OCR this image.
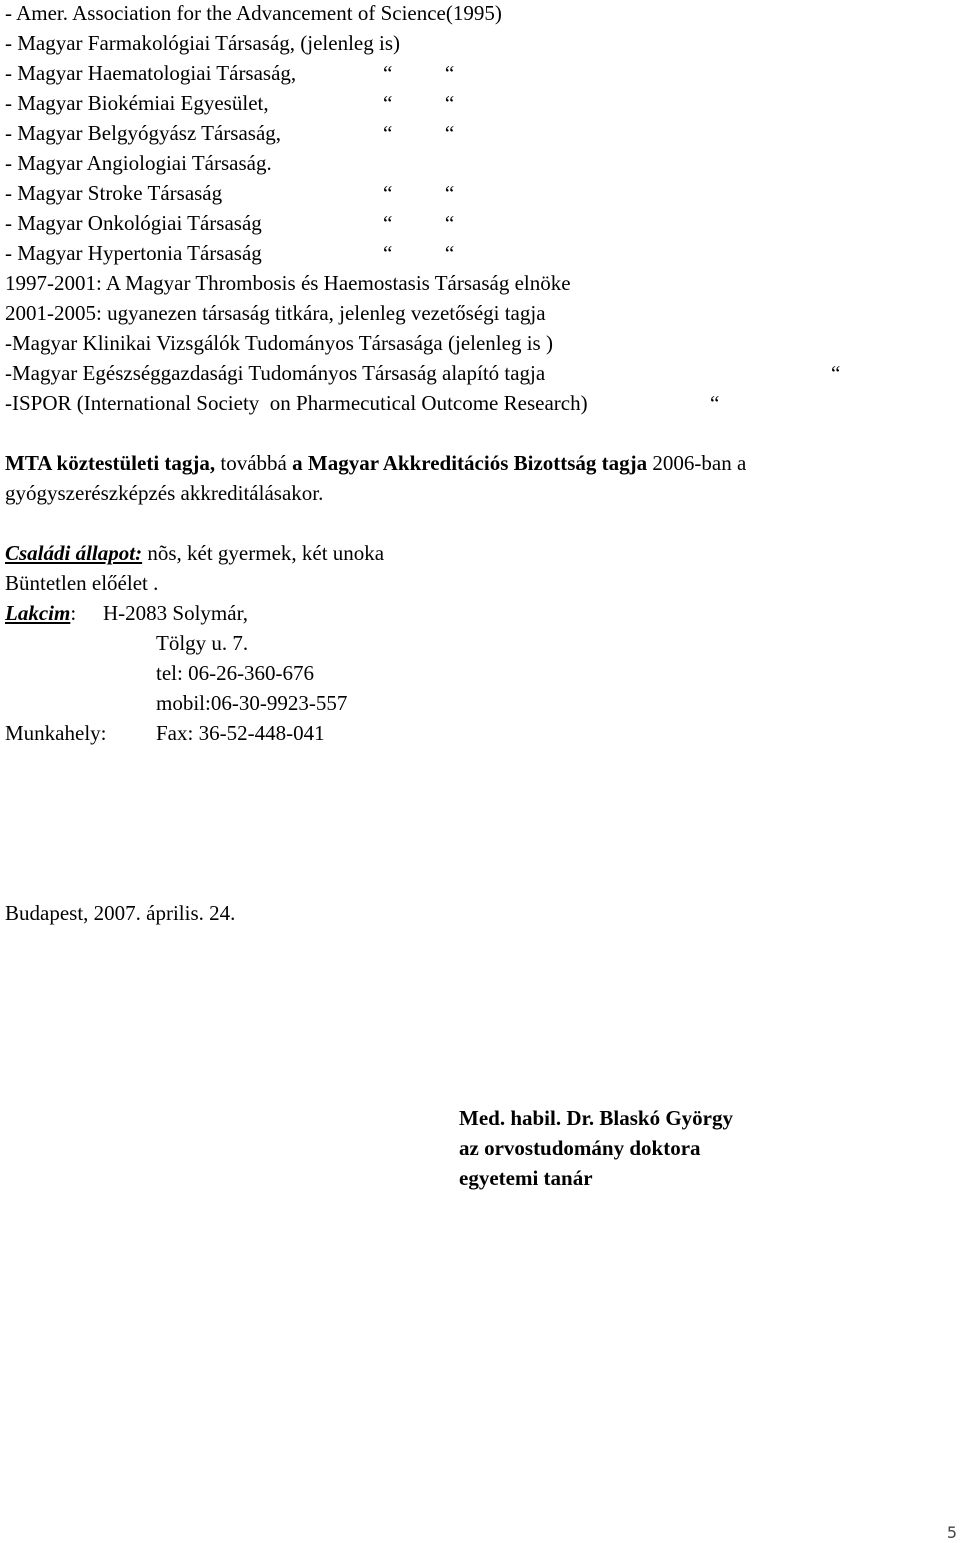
- Amer. Association for the Advancement of Science(1995)
- Magyar Farmakológiai Társaság, (jelenleg is)
- Magyar Haematologiai Társaság,	“          “
- Magyar Biokémiai Egyesület,	“          “
- Magyar Belgyógyász Társaság,	“          “
- Magyar Angiologiai Társaság.
- Magyar Stroke Társaság	“          “
- Magyar Onkológiai Társaság	“          “
- Magyar Hypertonia Társaság	“          “
1997-2001: A Magyar Thrombosis és Haemostasis Társaság elnöke
2001-2005: ugyanezen társaság titkára, jelenleg vezetőségi tagja
-Magyar Klinikai Vizsgálók Tudományos Társasága (jelenleg is )
-Magyar Egészséggazdasági Tudományos Társaság alapító tagja	“
-ISPOR (International Society  on Pharmecutical Outcome Research)	“
MTA köztestületi tagja, továbbá a Magyar Akkreditációs Bizottság tagja 2006-ban a
gyógyszerészképzés akkreditálásakor.
Családi állapot: nõs, két gyermek, két unoka
Büntetlen előélet .
Lakcim: H-2083 Solymár,
Tölgy u. 7.
tel: 06-26-360-676
mobil:06-30-9923-557
Munkahely: Fax: 36-52-448-041
Budapest, 2007. április. 24.
Med. habil. Dr. Blaskó György
az orvostudomány doktora
egyetemi tanár
5
